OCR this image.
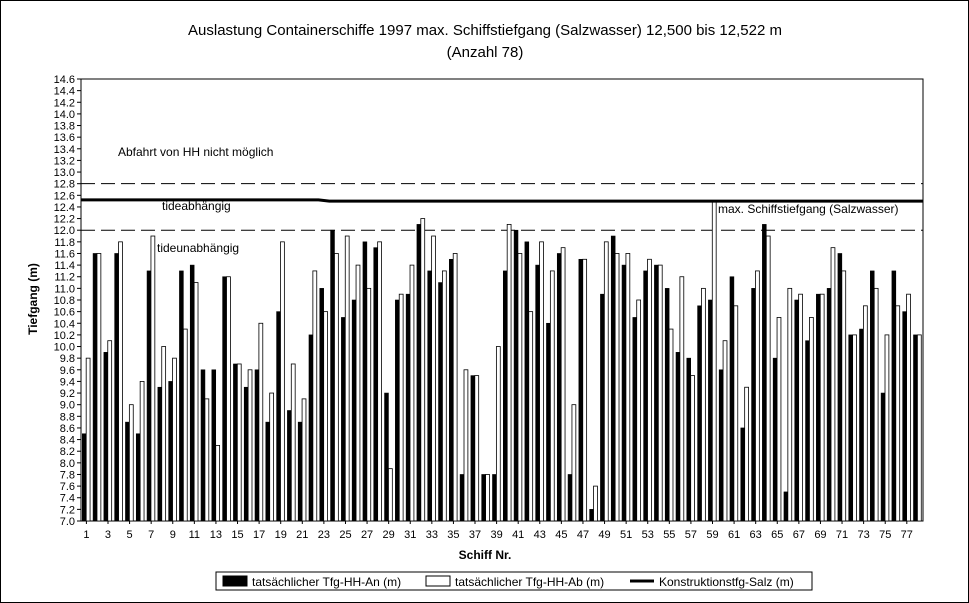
Auslastung Containerschiffe 1997 max. Schiffstiefgang (Salzwasser) 12,500 bis 12,522 m
(Anzahl 78)
7.0
7.2
7.4
7.6
7.8
8.0
8.2
8.4
8.6
8.8
9.0
9.2
9.4
9.6
9.8
10.0
10.2
10.4
10.6
10.8
11.0
11.2
11.4
11.6
11.8
12.0
12.2
12.4
12.6
12.8
13.0
13.2
13.4
13.6
13.8
14.0
14.2
14.4
14.6
1 3 5 7 9 11 13 15 17 19 21 23 25 27 29 31 33 35 37 39 41 43 45 47 49 51 53 55 57 59 61 63 65 67 69 71 73 75 77
Tiefgang (m)
Schiff Nr.
Abfahrt von HH nicht möglich
tideabhängig
tideunabhängig
max. Schiffstiefgang (Salzwasser)
tatsächlicher Tfg-HH-An (m)	tatsächlicher Tfg-HH-Ab (m)	Konstruktionstfg-Salz (m)
